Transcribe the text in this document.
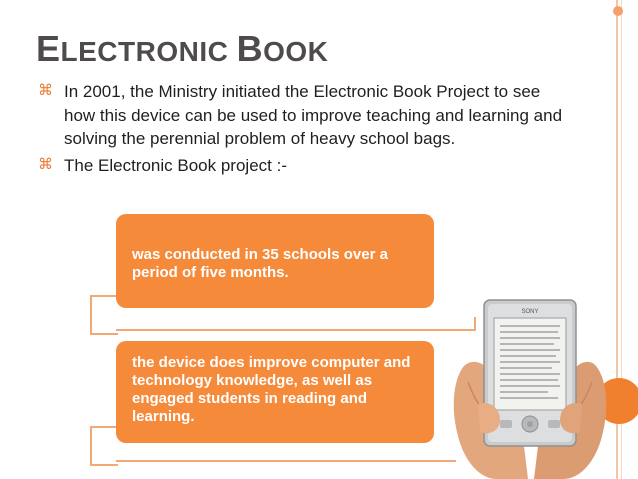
ELECTRONIC BOOK
⌘ In 2001, the Ministry initiated the Electronic Book Project to see how this device can be used to improve teaching and learning and solving the perennial problem of heavy school bags.
⌘ The Electronic Book project :-
was conducted in 35 schools over a period of five months.
the device does improve computer and technology knowledge, as well as engaged students in reading and learning.
SONY
